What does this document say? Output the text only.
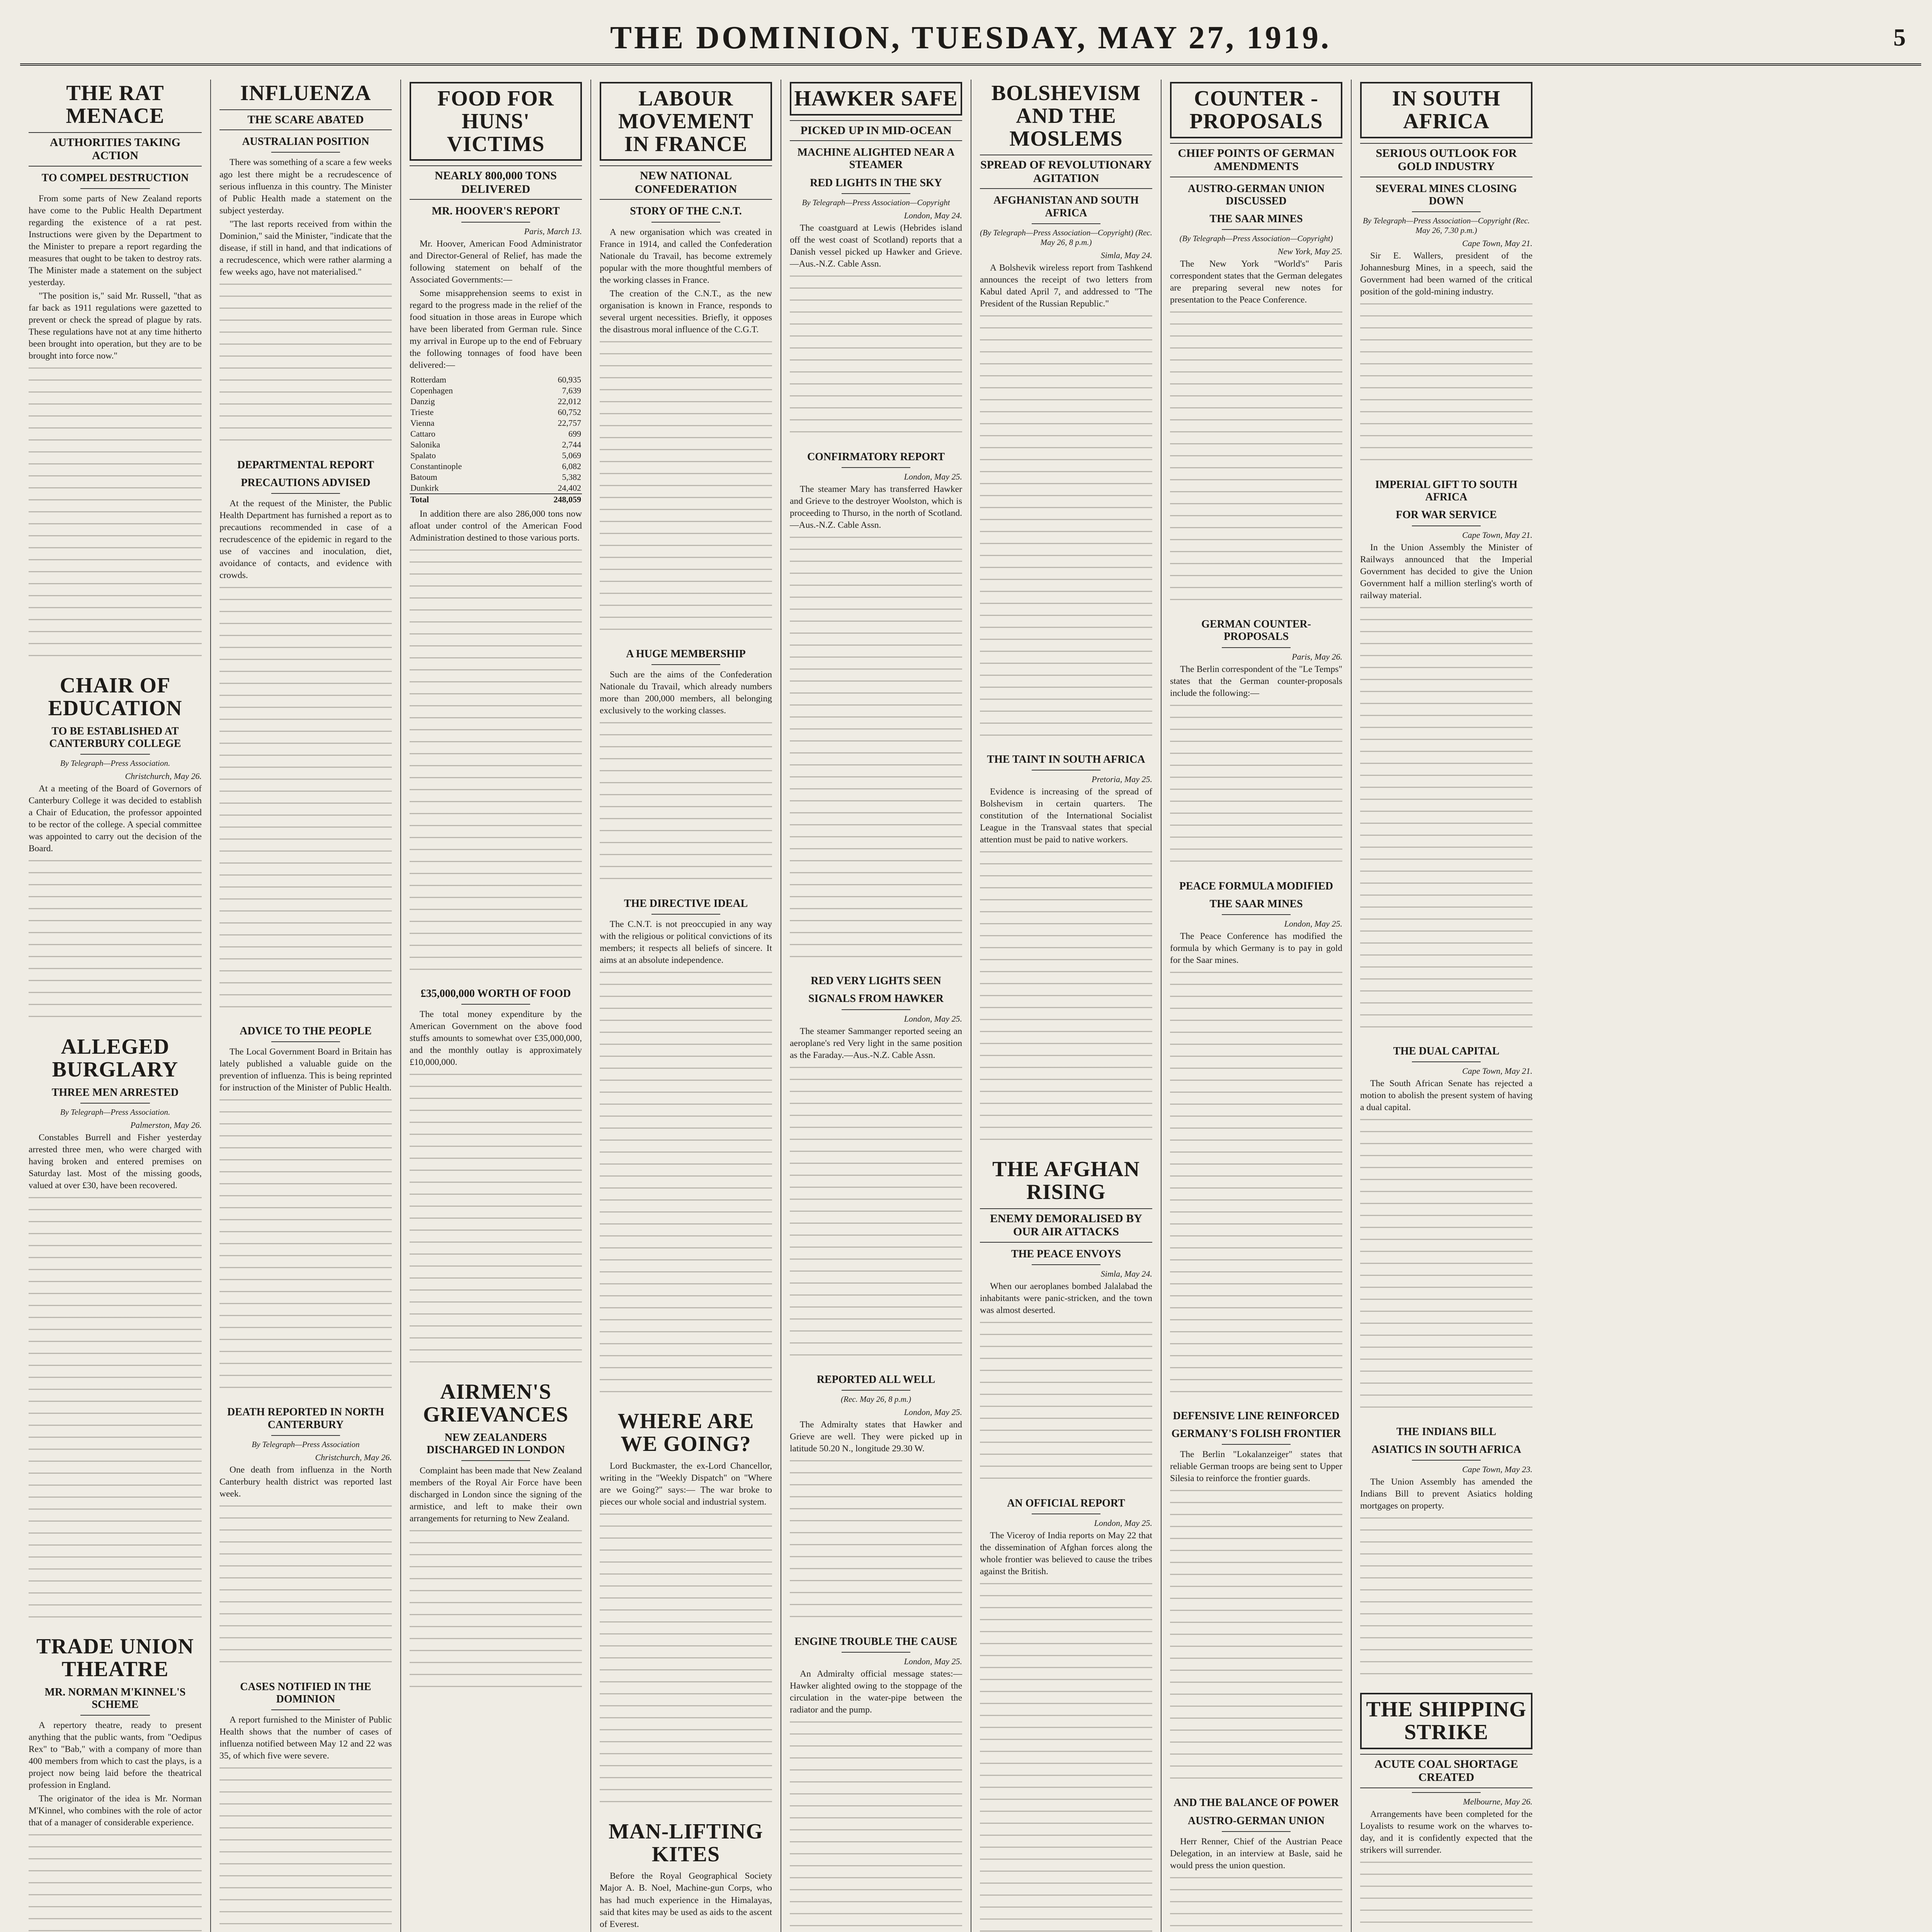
THE DOMINION, TUESDAY, MAY 27, 1919.	5
THE RAT MENACE
AUTHORITIES TAKING ACTION
TO COMPEL DESTRUCTION
From some parts of New Zealand reports have come to the Public Health Department regarding the existence of a rat pest. Instructions were given by the Department to the Minister to prepare a report regarding the measures that ought to be taken to destroy rats. The Minister made a statement on the subject yesterday.
"The position is," said Mr. Russell, "that as far back as 1911 regulations were gazetted to prevent or check the spread of plague by rats. These regulations have not at any time hitherto been brought into operation, but they are to be brought into force now."
CHAIR OF EDUCATION
TO BE ESTABLISHED AT CANTERBURY COLLEGE
By Telegraph—Press Association.
Christchurch, May 26.
At a meeting of the Board of Governors of Canterbury College it was decided to establish a Chair of Education, the professor appointed to be rector of the college. A special committee was appointed to carry out the decision of the Board.
ALLEGED BURGLARY
THREE MEN ARRESTED
By Telegraph—Press Association.
Palmerston, May 26.
Constables Burrell and Fisher yesterday arrested three men, who were charged with having broken and entered premises on Saturday last. Most of the missing goods, valued at over £30, have been recovered.
TRADE UNION THEATRE
MR. NORMAN M'KINNEL'S SCHEME
A repertory theatre, ready to present anything that the public wants, from "Oedipus Rex" to "Bab," with a company of more than 400 members from which to cast the plays, is a project now being laid before the theatrical profession in England.
The originator of the idea is Mr. Norman M'Kinnel, who combines with the role of actor that of a manager of considerable experience.
INFLUENZA
THE SCARE ABATED
AUSTRALIAN POSITION
There was something of a scare a few weeks ago lest there might be a recrudescence of serious influenza in this country. The Minister of Public Health made a statement on the subject yesterday.
"The last reports received from within the Dominion," said the Minister, "indicate that the disease, if still in hand, and that indications of a recrudescence, which were rather alarming a few weeks ago, have not materialised."
DEPARTMENTAL REPORT
PRECAUTIONS ADVISED
At the request of the Minister, the Public Health Department has furnished a report as to precautions recommended in case of a recrudescence of the epidemic in regard to the use of vaccines and inoculation, diet, avoidance of contacts, and evidence with crowds.
ADVICE TO THE PEOPLE
The Local Government Board in Britain has lately published a valuable guide on the prevention of influenza. This is being reprinted for instruction of the Minister of Public Health.
DEATH REPORTED IN NORTH CANTERBURY
By Telegraph—Press Association
Christchurch, May 26.
One death from influenza in the North Canterbury health district was reported last week.
CASES NOTIFIED IN THE DOMINION
A report furnished to the Minister of Public Health shows that the number of cases of influenza notified between May 12 and 22 was 35, of which five were severe.
FOOD FOR HUNS' VICTIMS
NEARLY 800,000 TONS DELIVERED
MR. HOOVER'S REPORT
Paris, March 13.
Mr. Hoover, American Food Administrator and Director-General of Relief, has made the following statement on behalf of the Associated Governments:—
Some misapprehension seems to exist in regard to the progress made in the relief of the food situation in those areas in Europe which have been liberated from German rule. Since my arrival in Europe up to the end of February the following tonnages of food have been delivered:—
Rotterdam	60,935
Copenhagen	7,639
Danzig	22,012
Trieste	60,752
Vienna	22,757
Cattaro	699
Salonika	2,744
Spalato	5,069
Constantinople	6,082
Batoum	5,382
Dunkirk	24,402
Total	248,059
In addition there are also 286,000 tons now afloat under control of the American Food Administration destined to those various ports.
£35,000,000 WORTH OF FOOD
The total money expenditure by the American Government on the above food stuffs amounts to somewhat over £35,000,000, and the monthly outlay is approximately £10,000,000.
AIRMEN'S GRIEVANCES
NEW ZEALANDERS DISCHARGED IN LONDON
Complaint has been made that New Zealand members of the Royal Air Force have been discharged in London since the signing of the armistice, and left to make their own arrangements for returning to New Zealand.
LABOUR MOVEMENT IN FRANCE
NEW NATIONAL CONFEDERATION
STORY OF THE C.N.T.
A new organisation which was created in France in 1914, and called the Confederation Nationale du Travail, has become extremely popular with the more thoughtful members of the working classes in France.
The creation of the C.N.T., as the new organisation is known in France, responds to several urgent necessities. Briefly, it opposes the disastrous moral influence of the C.G.T.
A HUGE MEMBERSHIP
Such are the aims of the Confederation Nationale du Travail, which already numbers more than 200,000 members, all belonging exclusively to the working classes.
THE DIRECTIVE IDEAL
The C.N.T. is not preoccupied in any way with the religious or political convictions of its members; it respects all beliefs of sincere. It aims at an absolute independence.
WHERE ARE WE GOING?
Lord Buckmaster, the ex-Lord Chancellor, writing in the "Weekly Dispatch" on "Where are we Going?" says:— The war broke to pieces our whole social and industrial system.
MAN-LIFTING KITES
Before the Royal Geographical Society Major A. B. Noel, Machine-gun Corps, who has had much experience in the Himalayas, said that kites may be used as aids to the ascent of Everest.
HAWKER SAFE
PICKED UP IN MID-OCEAN
MACHINE ALIGHTED NEAR A STEAMER
RED LIGHTS IN THE SKY
By Telegraph—Press Association—Copyright
London, May 24.
The coastguard at Lewis (Hebrides island off the west coast of Scotland) reports that a Danish vessel picked up Hawker and Grieve.—Aus.-N.Z. Cable Assn.
CONFIRMATORY REPORT
London, May 25.
The steamer Mary has transferred Hawker and Grieve to the destroyer Woolston, which is proceeding to Thurso, in the north of Scotland.—Aus.-N.Z. Cable Assn.
RED VERY LIGHTS SEEN
SIGNALS FROM HAWKER
London, May 25.
The steamer Sammanger reported seeing an aeroplane's red Very light in the same position as the Faraday.—Aus.-N.Z. Cable Assn.
REPORTED ALL WELL
(Rec. May 26, 8 p.m.)
London, May 25.
The Admiralty states that Hawker and Grieve are well. They were picked up in latitude 50.20 N., longitude 29.30 W.
ENGINE TROUBLE THE CAUSE
London, May 25.
An Admiralty official message states:—Hawker alighted owing to the stoppage of the circulation in the water-pipe between the radiator and the pump.
BOLSHEVISM AND THE MOSLEMS
SPREAD OF REVOLUTIONARY AGITATION
AFGHANISTAN AND SOUTH AFRICA
(By Telegraph—Press Association—Copyright) (Rec. May 26, 8 p.m.)
Simla, May 24.
A Bolshevik wireless report from Tashkend announces the receipt of two letters from Kabul dated April 7, and addressed to "The President of the Russian Republic."
THE TAINT IN SOUTH AFRICA
Pretoria, May 25.
Evidence is increasing of the spread of Bolshevism in certain quarters. The constitution of the International Socialist League in the Transvaal states that special attention must be paid to native workers.
THE AFGHAN RISING
ENEMY DEMORALISED BY OUR AIR ATTACKS
THE PEACE ENVOYS
Simla, May 24.
When our aeroplanes bombed Jalalabad the inhabitants were panic-stricken, and the town was almost deserted.
AN OFFICIAL REPORT
London, May 25.
The Viceroy of India reports on May 22 that the dissemination of Afghan forces along the whole frontier was believed to cause the tribes against the British.
COUNTER - PROPOSALS
CHIEF POINTS OF GERMAN AMENDMENTS
AUSTRO-GERMAN UNION DISCUSSED
THE SAAR MINES
(By Telegraph—Press Association—Copyright)
New York, May 25.
The New York "World's" Paris correspondent states that the German delegates are preparing several new notes for presentation to the Peace Conference.
GERMAN COUNTER-PROPOSALS
Paris, May 26.
The Berlin correspondent of the "Le Temps" states that the German counter-proposals include the following:—
PEACE FORMULA MODIFIED
THE SAAR MINES
London, May 25.
The Peace Conference has modified the formula by which Germany is to pay in gold for the Saar mines.
DEFENSIVE LINE REINFORCED
GERMANY'S FOLISH FRONTIER
The Berlin "Lokalanzeiger" states that reliable German troops are being sent to Upper Silesia to reinforce the frontier guards.
AND THE BALANCE OF POWER
AUSTRO-GERMAN UNION
Herr Renner, Chief of the Austrian Peace Delegation, in an interview at Basle, said he would press the union question.
IN SOUTH AFRICA
SERIOUS OUTLOOK FOR GOLD INDUSTRY
SEVERAL MINES CLOSING DOWN
By Telegraph—Press Association—Copyright (Rec. May 26, 7.30 p.m.)
Cape Town, May 21.
Sir E. Wallers, president of the Johannesburg Mines, in a speech, said the Government had been warned of the critical position of the gold-mining industry.
IMPERIAL GIFT TO SOUTH AFRICA
FOR WAR SERVICE
Cape Town, May 21.
In the Union Assembly the Minister of Railways announced that the Imperial Government has decided to give the Union Government half a million sterling's worth of railway material.
THE DUAL CAPITAL
Cape Town, May 21.
The South African Senate has rejected a motion to abolish the present system of having a dual capital.
THE INDIANS BILL
ASIATICS IN SOUTH AFRICA
Cape Town, May 23.
The Union Assembly has amended the Indians Bill to prevent Asiatics holding mortgages on property.
THE SHIPPING STRIKE
ACUTE COAL SHORTAGE CREATED
Melbourne, May 26.
Arrangements have been completed for the Loyalists to resume work on the wharves to-day, and it is confidently expected that the strikers will surrender.
